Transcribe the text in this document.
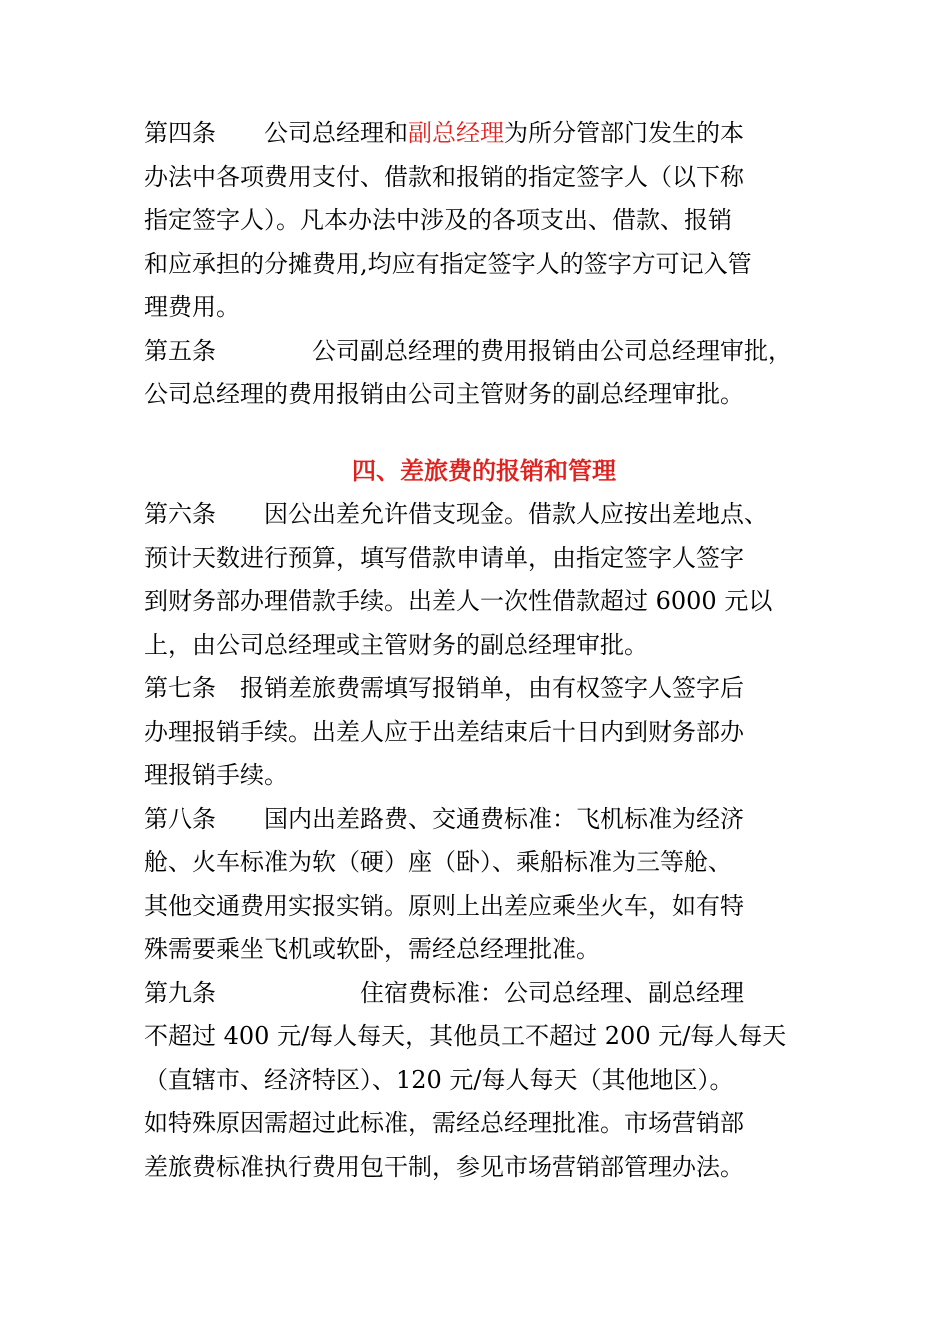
第四条　　 公司总经理和副总经理为所分管部门发生的本
办法中各项费用支付、借款和报销的指定签字人（以下称
指定签字人）。凡本办法中涉及的各项支出、借款、报销
和应承担的分摊费用,均应有指定签字人的签字方可记入管
理费用。
第五条　　　　	公司副总经理的费用报销由公司总经理审批，
公司总经理的费用报销由公司主管财务的副总经理审批。
四、差旅费的报销和管理
第六条　　 因公出差允许借支现金。借款人应按出差地点、
预计天数进行预算，填写借款申请单，由指定签字人签字
到财务部办理借款手续。出差人一次性借款超过 6000 元以
上，由公司总经理或主管财务的副总经理审批。
第七条　 报销差旅费需填写报销单，由有权签字人签字后
办理报销手续。出差人应于出差结束后十日内到财务部办
理报销手续。
第八条　　 国内出差路费、交通费标准：飞机标准为经济
舱、火车标准为软（硬）座（卧）、乘船标准为三等舱、
其他交通费用实报实销。原则上出差应乘坐火车，如有特
殊需要乘坐飞机或软卧，需经总经理批准。
第九条　　　　　　	住宿费标准：公司总经理、副总经理
不超过 400 元/每人每天，其他员工不超过 200 元/每人每天
（直辖市、经济特区）、120 元/每人每天（其他地区）。
如特殊原因需超过此标准，需经总经理批准。市场营销部
差旅费标准执行费用包干制，参见市场营销部管理办法。
